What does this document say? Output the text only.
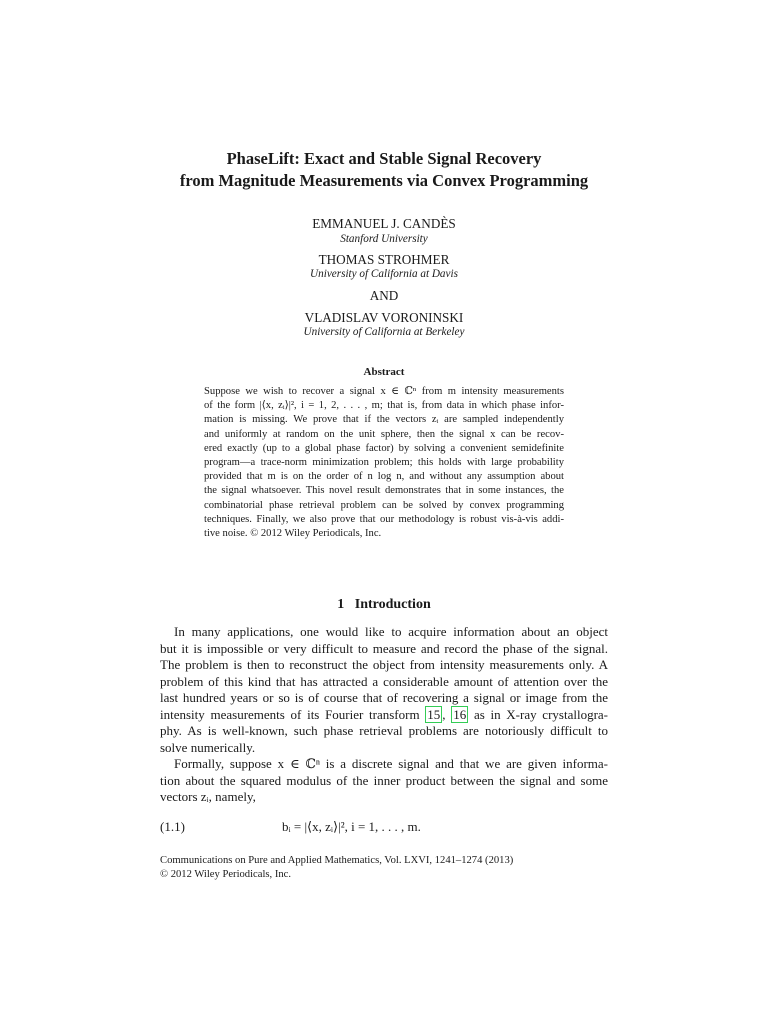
PhaseLift: Exact and Stable Signal Recovery
from Magnitude Measurements via Convex Programming
EMMANUEL J. CANDÈS
Stanford University
THOMAS STROHMER
University of California at Davis
AND
VLADISLAV VORONINSKI
University of California at Berkeley
Abstract
Suppose we wish to recover a signal x ∈ ℂⁿ from m intensity measurements
of the form |⟨x, zᵢ⟩|², i = 1, 2, . . . , m; that is, from data in which phase infor-
mation is missing. We prove that if the vectors zᵢ are sampled independently
and uniformly at random on the unit sphere, then the signal x can be recov-
ered exactly (up to a global phase factor) by solving a convenient semidefinite
program—a trace-norm minimization problem; this holds with large probability
provided that m is on the order of n log n, and without any assumption about
the signal whatsoever. This novel result demonstrates that in some instances, the
combinatorial phase retrieval problem can be solved by convex programming
techniques. Finally, we also prove that our methodology is robust vis-à-vis addi-
tive noise. © 2012 Wiley Periodicals, Inc.
1 Introduction
In many applications, one would like to acquire information about an object
but it is impossible or very difficult to measure and record the phase of the signal.
The problem is then to reconstruct the object from intensity measurements only. A
problem of this kind that has attracted a considerable amount of attention over the
last hundred years or so is of course that of recovering a signal or image from the
intensity measurements of its Fourier transform 15 , 16 as in X-ray crystallogra-
phy. As is well-known, such phase retrieval problems are notoriously difficult to
solve numerically.
Formally, suppose x ∈ ℂⁿ is a discrete signal and that we are given informa-
tion about the squared modulus of the inner product between the signal and some
vectors zᵢ, namely,
(1.1)	bᵢ = |⟨x, zᵢ⟩|², i = 1, . . . , m.
Communications on Pure and Applied Mathematics, Vol. LXVI, 1241–1274 (2013)
© 2012 Wiley Periodicals, Inc.
